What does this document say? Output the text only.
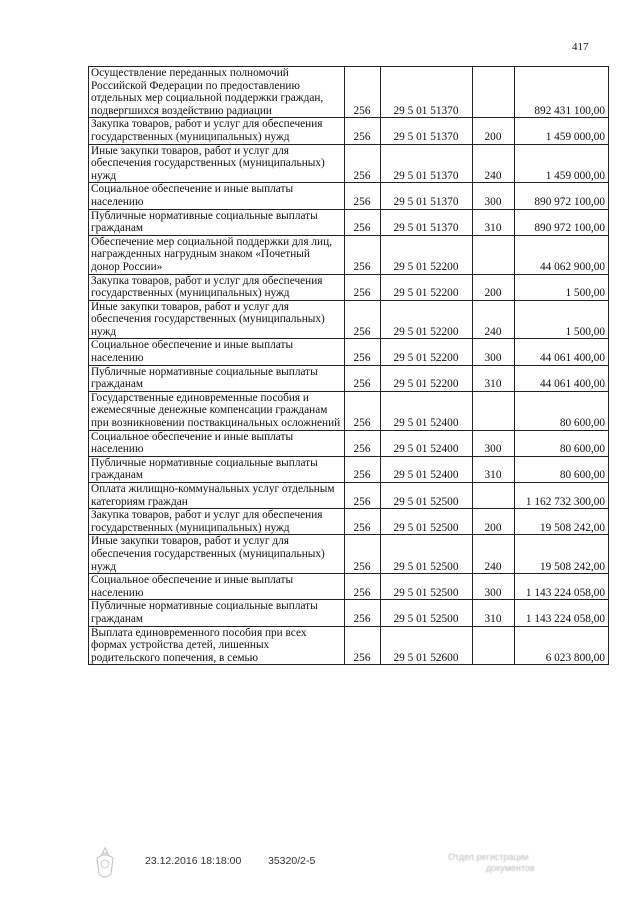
417
Осуществление переданных полномочий Российской Федерации по предоставлению отдельных мер социальной поддержки граждан, подвергшихся воздействию радиации	256	29 5 01 51370		892 431 100,00
Закупка товаров, работ и услуг для обеспечения государственных (муниципальных) нужд	256	29 5 01 51370	200	1 459 000,00
Иные закупки товаров, работ и услуг для обеспечения государственных (муниципальных) нужд	256	29 5 01 51370	240	1 459 000,00
Социальное обеспечение и иные выплаты населению	256	29 5 01 51370	300	890 972 100,00
Публичные нормативные социальные выплаты гражданам	256	29 5 01 51370	310	890 972 100,00
Обеспечение мер социальной поддержки для лиц, награжденных нагрудным знаком «Почетный донор России»	256	29 5 01 52200		44 062 900,00
Закупка товаров, работ и услуг для обеспечения государственных (муниципальных) нужд	256	29 5 01 52200	200	1 500,00
Иные закупки товаров, работ и услуг для обеспечения государственных (муниципальных) нужд	256	29 5 01 52200	240	1 500,00
Социальное обеспечение и иные выплаты населению	256	29 5 01 52200	300	44 061 400,00
Публичные нормативные социальные выплаты гражданам	256	29 5 01 52200	310	44 061 400,00
Государственные единовременные пособия и ежемесячные денежные компенсации гражданам при возникновении поствакцинальных осложнений	256	29 5 01 52400		80 600,00
Социальное обеспечение и иные выплаты населению	256	29 5 01 52400	300	80 600,00
Публичные нормативные социальные выплаты гражданам	256	29 5 01 52400	310	80 600,00
Оплата жилищно-коммунальных услуг отдельным категориям граждан	256	29 5 01 52500		1 162 732 300,00
Закупка товаров, работ и услуг для обеспечения государственных (муниципальных) нужд	256	29 5 01 52500	200	19 508 242,00
Иные закупки товаров, работ и услуг для обеспечения государственных (муниципальных) нужд	256	29 5 01 52500	240	19 508 242,00
Социальное обеспечение и иные выплаты населению	256	29 5 01 52500	300	1 143 224 058,00
Публичные нормативные социальные выплаты гражданам	256	29 5 01 52500	310	1 143 224 058,00
Выплата единовременного пособия при всех формах устройства детей, лишенных родительского попечения, в семью	256	29 5 01 52600		6 023 800,00
23.12.2016 18:18:00	35320/2-5	Отдел регистрации
документов
